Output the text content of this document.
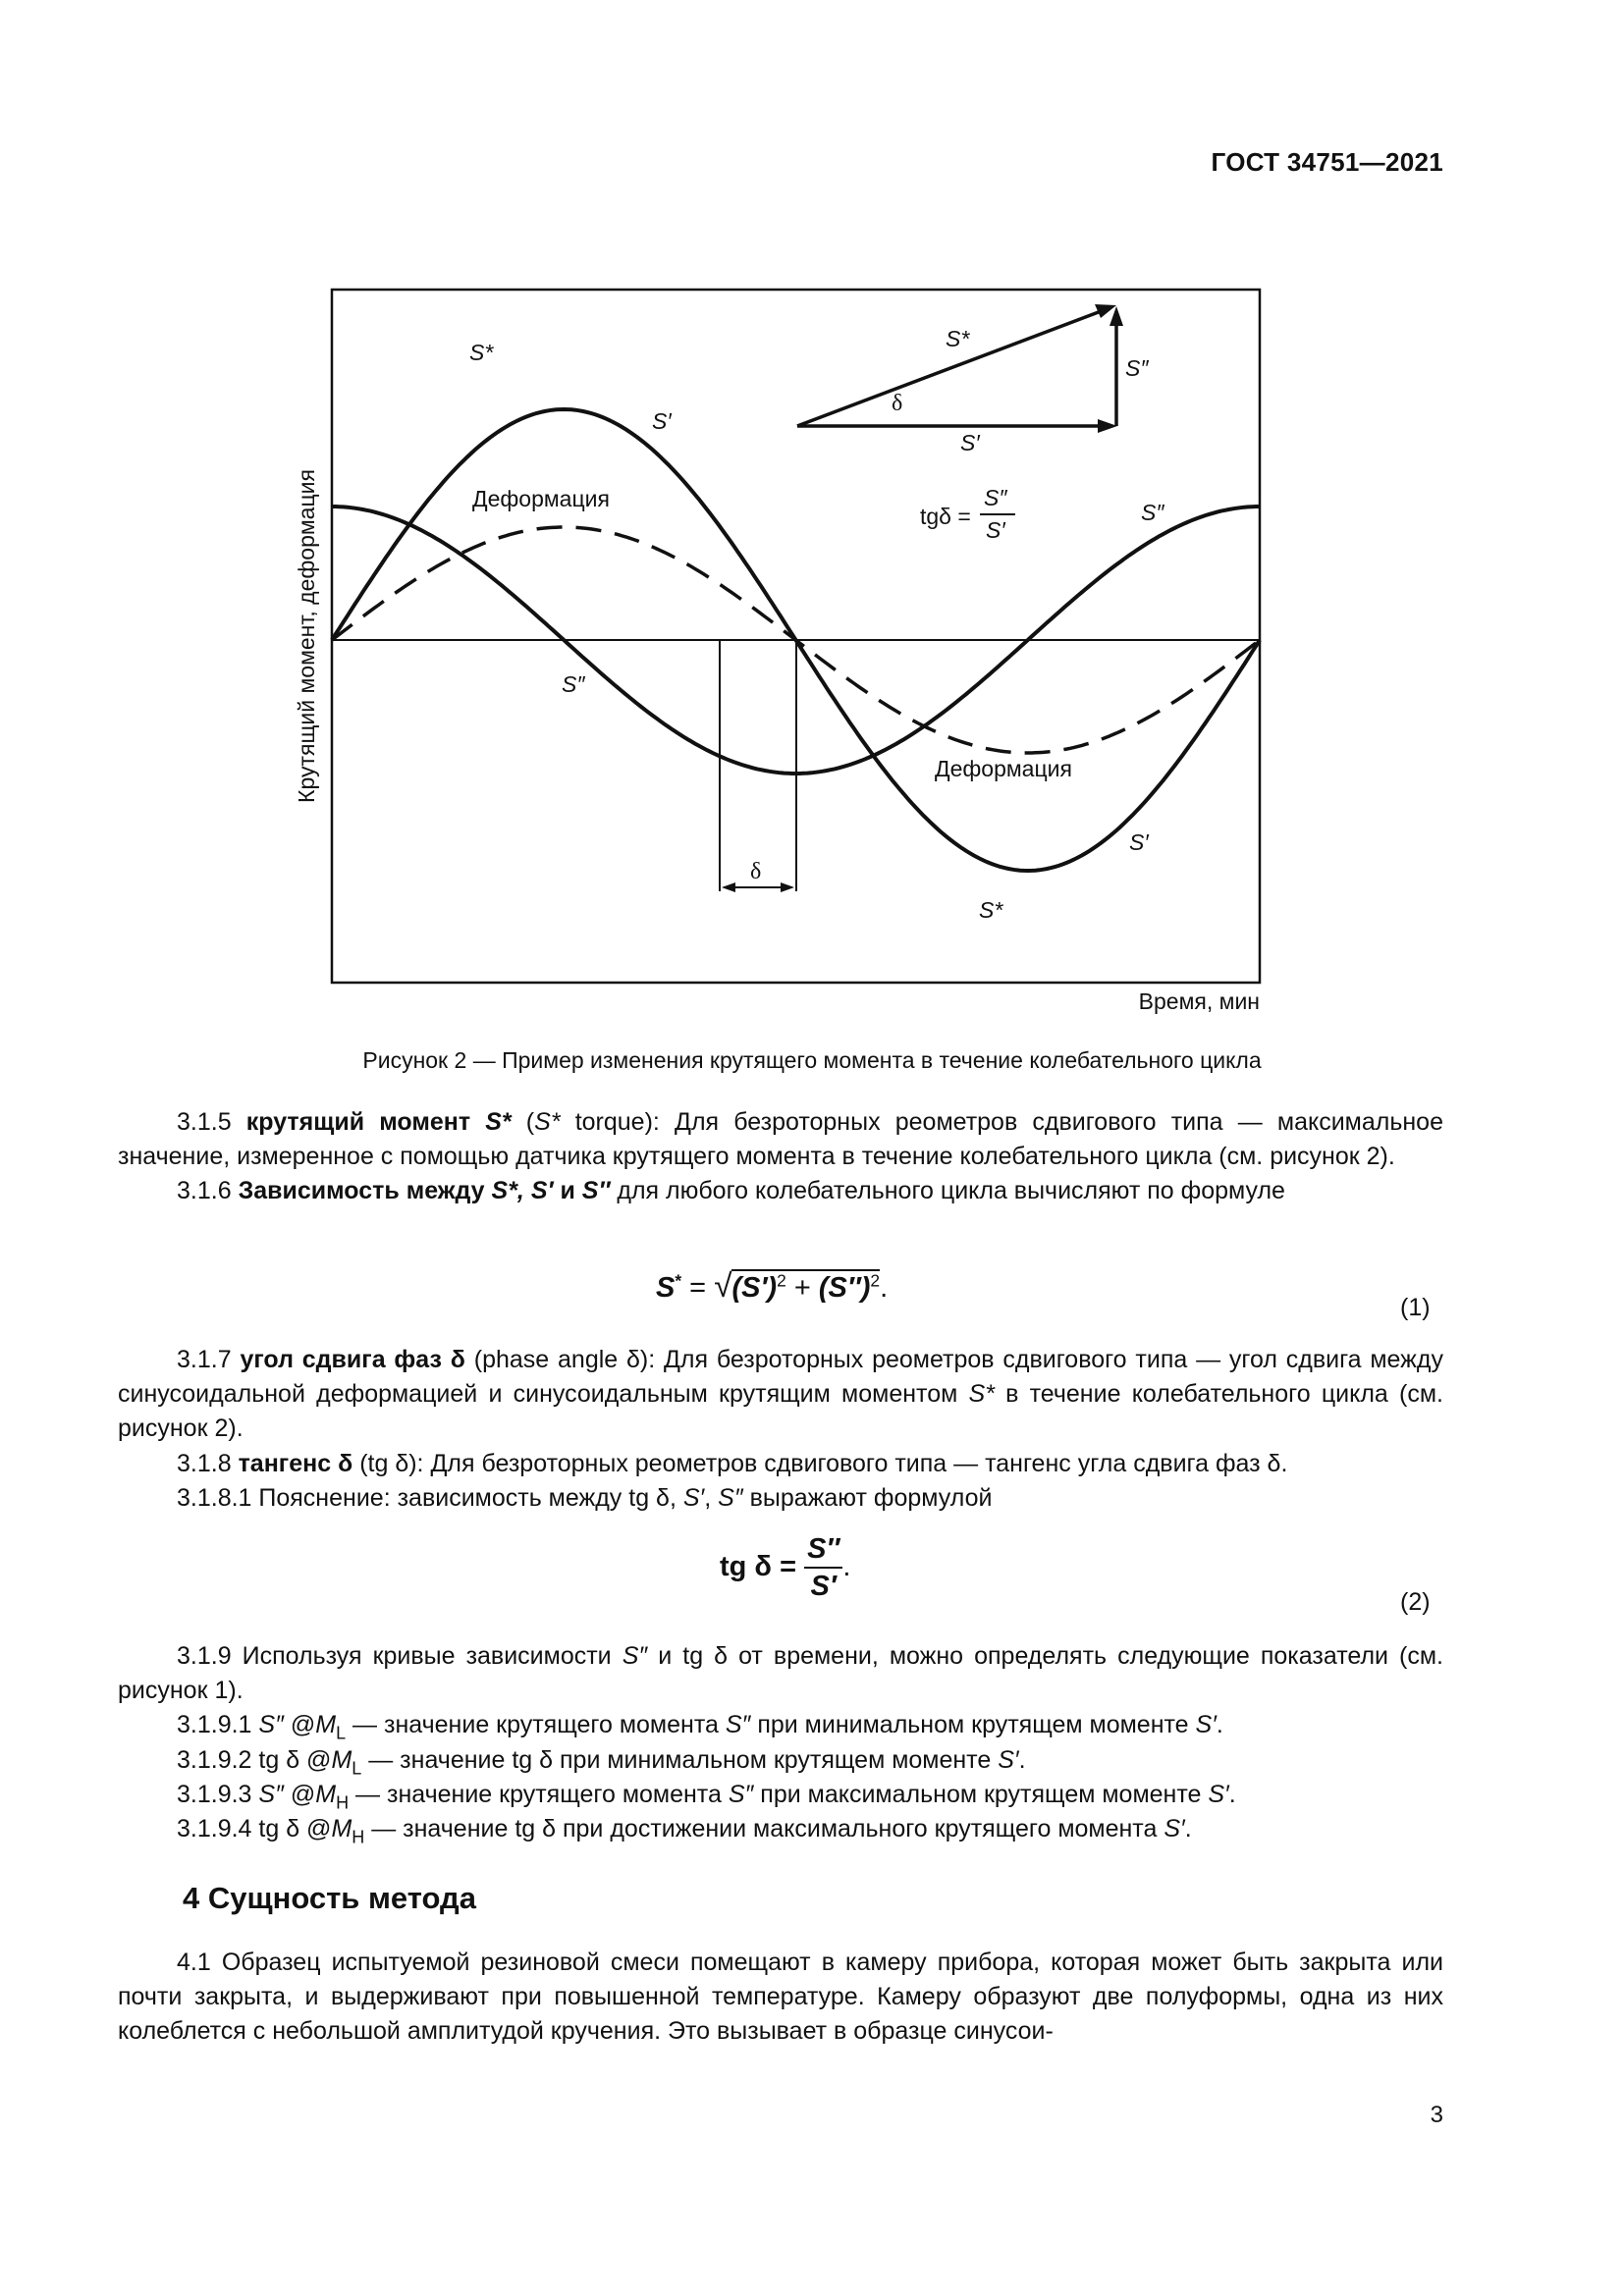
ГОСТ 34751—2021
δ
δ
S*
S″
S′
tgδ =
S″
S′
S*
S′
Деформация
S″
S″
Деформация
S′
S*
Крутящий момент, деформация
Время, мин
Рисунок 2 — Пример изменения крутящего момента в течение колебательного цикла

3.1.5 крутящий момент S* (S* torque): Для безроторных реометров сдвигового типа — максимальное значение, измеренное с помощью датчика крутящего момента в течение колебательного цикла (см. рисунок 2).

3.1.6 Зависимость между S*, S′ и S″ для любого колебательного цикла вычисляют по формуле

$S^* = √(S')^2 + (S'')^2$.
(1)

3.1.7 угол сдвига фаз δ (phase angle δ): Для безроторных реометров сдвигового типа — угол сдвига между синусоидальной деформацией и синусоидальным крутящим моментом S* в течение колебательного цикла (см. рисунок 2).

3.1.8 тангенс δ (tg δ): Для безроторных реометров сдвигового типа — тангенс угла сдвига фаз δ.

3.1.8.1 Пояснение: зависимость между tg δ, S′, S″ выражают формулой

tg $\delta = \frac{S''}{S'}$ .
(2)

3.1.9 Используя кривые зависимости S″ и tg δ от времени, можно определять следующие показатели (см. рисунок 1).

3.1.9.1 S″ $@M_L$ — значение крутящего момента S″ при минимальном крутящем моменте S′.

3.1.9.2 tg δ $@M_L$ — значение tg δ при минимальном крутящем моменте S′.

3.1.9.3 S″ $@M_H$ — значение крутящего момента S″ при максимальном крутящем моменте S′.

3.1.9.4 tg δ $@M_H$ — значение tg δ при достижении максимального крутящего момента S′.

4 Сущность метода

4.1 Образец испытуемой резиновой смеси помещают в камеру прибора, которая может быть закрыта или почти закрыта, и выдерживают при повышенной температуре. Камеру образуют две полуформы, одна из них колеблется с небольшой амплитудой кручения. Это вызывает в образце синусои-

3
